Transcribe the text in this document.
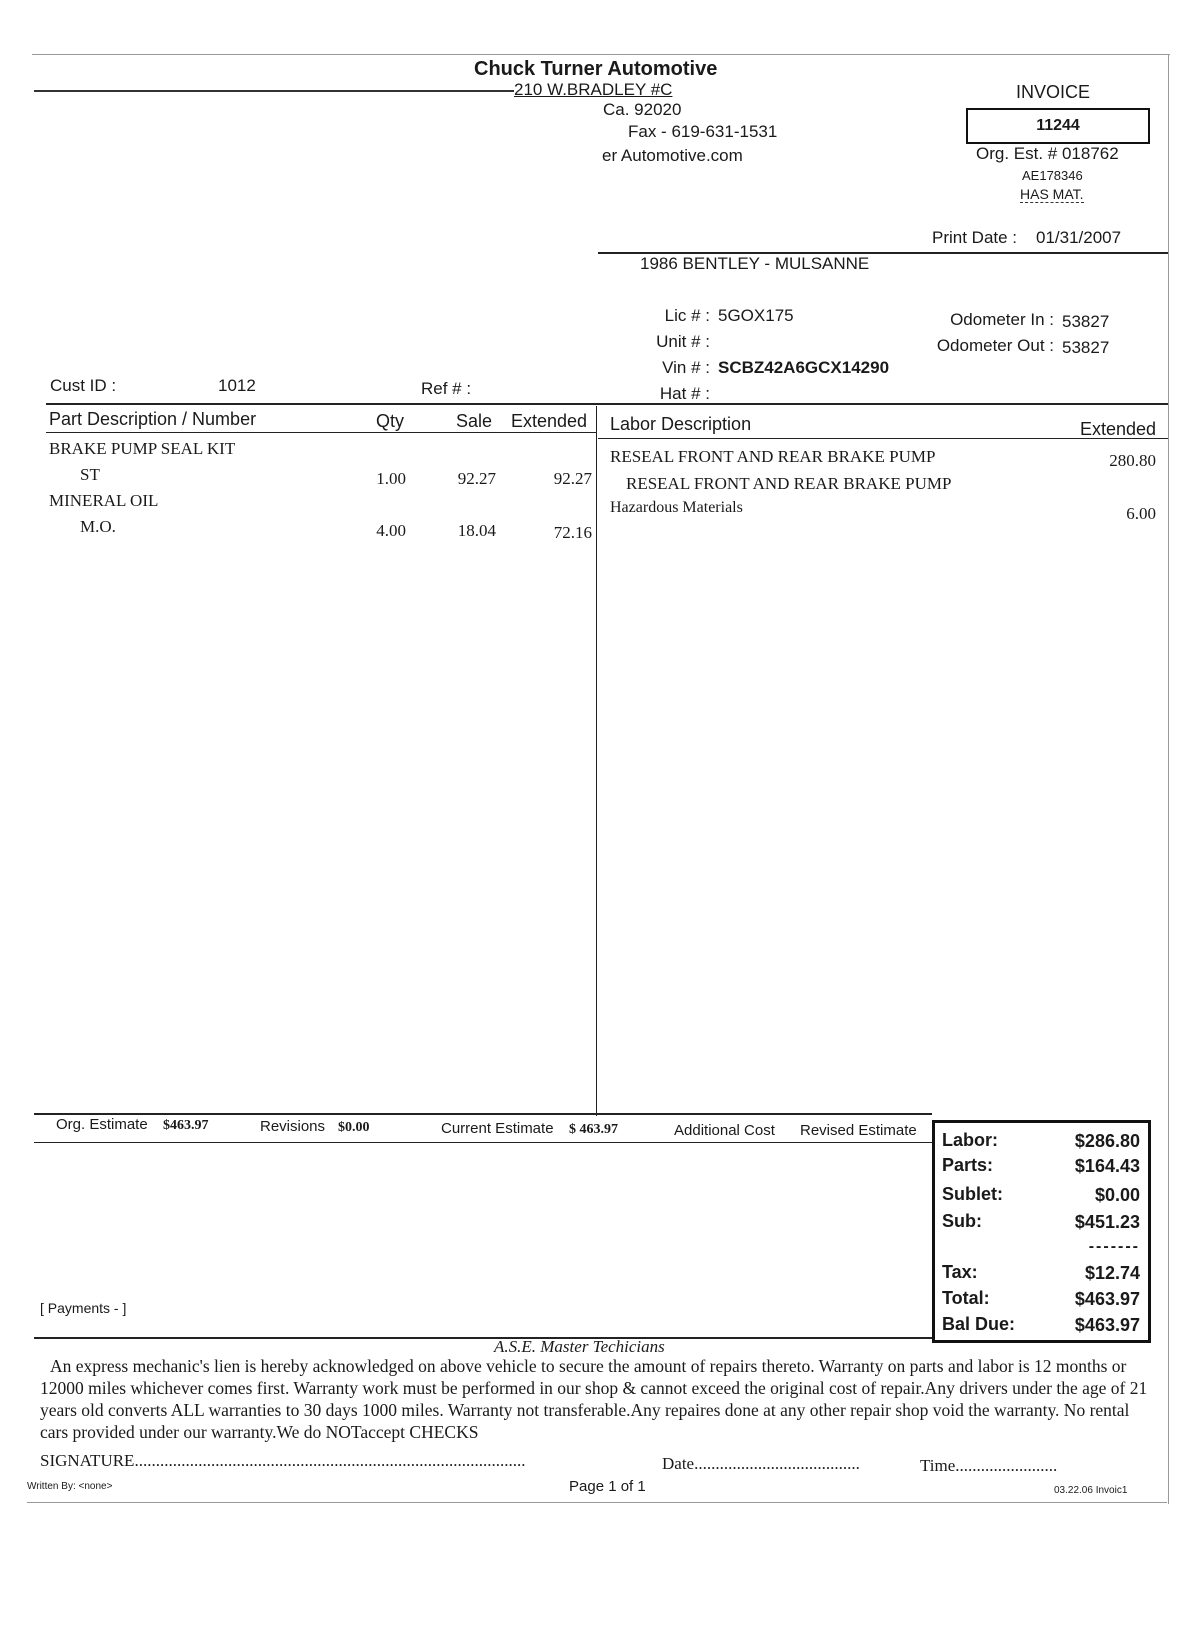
Chuck Turner Automotive
210 W.BRADLEY #C
Ca. 92020
Fax - 619-631-1531
er Automotive.com
INVOICE
11244
Org. Est. # 018762
AE178346
HAS MAT.
Print Date : 01/31/2007
1986 BENTLEY - MULSANNE
Lic # : 5GOX175
Unit # :
Vin # : SCBZ42A6GCX14290
Hat # :
Odometer In : 53827
Odometer Out : 53827
Cust ID :	1012	Ref # :
Part Description / Number	Qty	Sale Extended
BRAKE PUMP SEAL KIT
ST	1.00	92.27	92.27
MINERAL OIL
M.O.	4.00	18.04	72.16
Labor Description	Extended
RESEAL FRONT AND REAR BRAKE PUMP	280.80
RESEAL FRONT AND REAR BRAKE PUMP
Hazardous Materials	6.00
Org. Estimate $463.97	Revisions $0.00	Current Estimate $ 463.97	Additional Cost Revised Estimate
[ Payments - ]
Labor:	$286.80
Parts:	$164.43
Sublet:	$0.00
Sub:	$451.23
-------
Tax:	$12.74
Total:	$463.97
Bal Due:	$463.97
A.S.E. Master Techicians
An express mechanic's lien is hereby acknowledged on above vehicle to secure the amount of repairs thereto. Warranty on parts and labor is 12 months or 12000 miles whichever comes first. Warranty work must be performed in our shop & cannot exceed the original cost of repair.Any drivers under the age of 21 years old converts ALL warranties to 30 days 1000 miles. Warranty not transferable.Any repaires done at any other repair shop void the warranty. No rental cars provided under our warranty.We do NOTaccept CHECKS
SIGNATURE............................................................................................	Date.......................................	Time........................
Written By: <none>	Page 1 of 1	03.22.06 Invoic1
